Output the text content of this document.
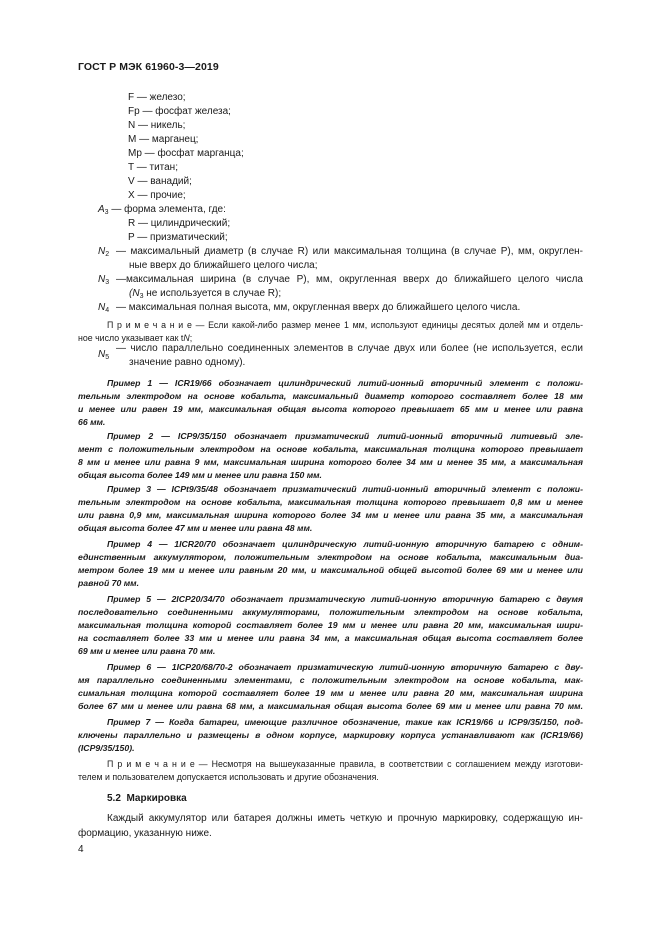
ГОСТ Р МЭК 61960-3—2019
F — железо;
Fp — фосфат железа;
N — никель;
M — марганец;
Mp — фосфат марганца;
T — титан;
V — ванадий;
X — прочие;
$A_3$ — форма элемента, где:
R — цилиндрический;
P — призматический;
$N_2$ — максимальный диаметр (в случае R) или максимальная толщина (в случае P), мм, округлен-
ные вверх до ближайшего целого числа;
$N_3$ —максимальная ширина (в случае P), мм, округленная вверх до ближайшего целого числа
($N_3$ не используется в случае R);
$N_4$ — максимальная полная высота, мм, округленная вверх до ближайшего целого числа.
П р и м е ч а н и е — Если какой-либо размер менее 1 мм, используют единицы десятых долей мм и отдель-
ное число указывает как tN;
$N_5$
— число параллельно соединенных элементов в случае двух или более (не используется, если
значение равно одному).
Пример 1 — ICR19/66 обозначает цилиндрический литий-ионный вторичный элемент с положи-
тельным электродом на основе кобальта, максимальный диаметр которого составляет более 18 мм
и менее или равен 19 мм, максимальная общая высота которого превышает 65 мм и менее или равна
66 мм.
Пример 2 — ICP9/35/150 обозначает призматический литий-ионный вторичный литиевый эле-
мент с положительным электродом на основе кобальта, максимальная толщина которого превышает
8 мм и менее или равна 9 мм, максимальная ширина которого более 34 мм и менее 35 мм, а максимальная
общая высота более 149 мм и менее или равна 150 мм.
Пример 3 — ICPt9/35/48 обозначает призматический литий-ионный вторичный элемент с положи-
тельным электродом на основе кобальта, максимальная толщина которого превышает 0,8 мм и менее
или равна 0,9 мм, максимальная ширина которого более 34 мм и менее или равна 35 мм, а максимальная
общая высота более 47 мм и менее или равна 48 мм.
Пример 4 — 1ICR20/70 обозначает цилиндрическую литий-ионную вторичную батарею с одним-
единственным аккумулятором, положительным электродом на основе кобальта, максимальным диа-
метром более 19 мм и менее или равным 20 мм, и максимальной общей высотой более 69 мм и менее или
равной 70 мм.
Пример 5 — 2ICP20/34/70 обозначает призматическую литий-ионную вторичную батарею с двумя
последовательно соединенными аккумуляторами, положительным электродом на основе кобальта,
максимальная толщина которой составляет более 19 мм и менее или равна 20 мм, максимальная шири-
на составляет более 33 мм и менее или равна 34 мм, а максимальная общая высота составляет более
69 мм и менее или равна 70 мм.
Пример 6 — 1ICP20/68/70-2 обозначает призматическую литий-ионную вторичную батарею с дву-
мя параллельно соединенными элементами, с положительным электродом на основе кобальта, мак-
симальная толщина которой составляет более 19 мм и менее или равна 20 мм, максимальная ширина
более 67 мм и менее или равна 68 мм, а максимальная общая высота более 69 мм и менее или равна 70 мм.
Пример 7 — Когда батареи, имеющие различное обозначение, такие как ICR19/66 и ICP9/35/150, под-
ключены параллельно и размещены в одном корпусе, маркировку корпуса устанавливают как (ICR19/66)
(ICP9/35/150).
П р и м е ч а н и е — Несмотря на вышеуказанные правила, в соответствии с соглашением между изготови-
телем и пользователем допускается использовать и другие обозначения.
5.2 Маркировка
Каждый аккумулятор или батарея должны иметь четкую и прочную маркировку, содержащую ин-
формацию, указанную ниже.
4
